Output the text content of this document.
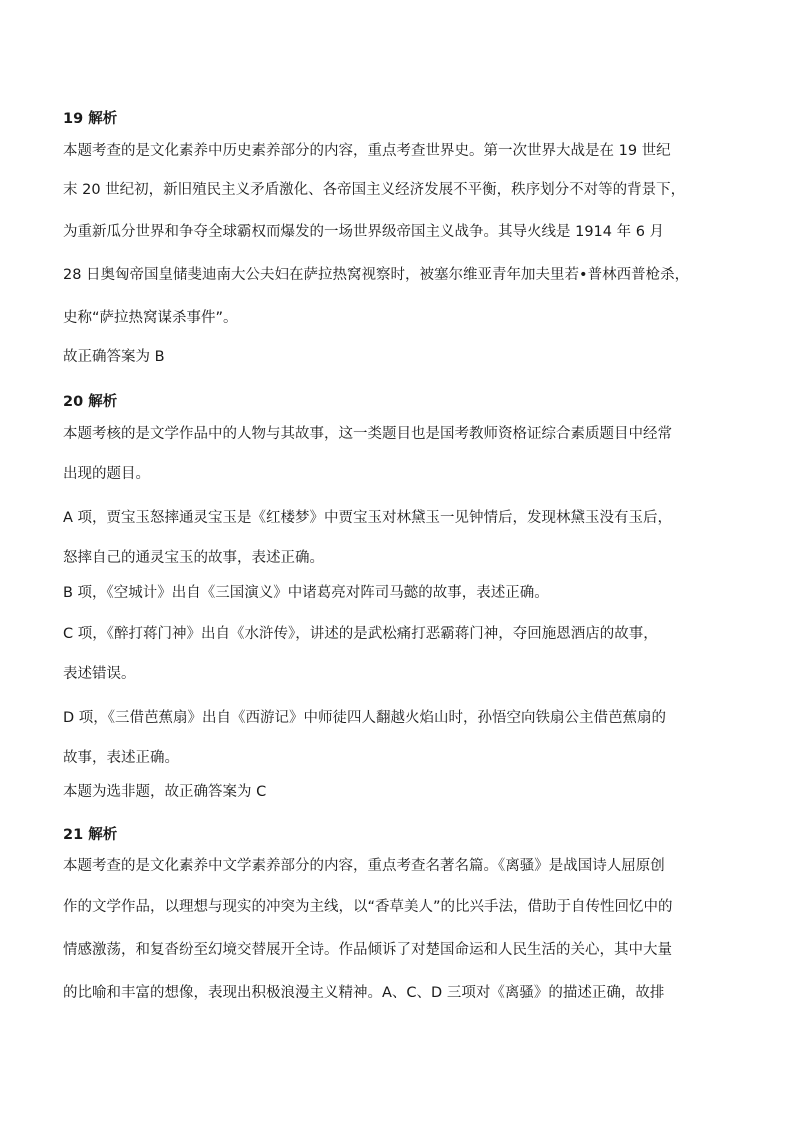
19 解析
本题考查的是文化素养中历史素养部分的内容，重点考查世界史。第一次世界大战是在 19 世纪
末 20 世纪初，新旧殖民主义矛盾激化、各帝国主义经济发展不平衡，秩序划分不对等的背景下，
为重新瓜分世界和争夺全球霸权而爆发的一场世界级帝国主义战争。其导火线是 1914 年 6 月
28 日奥匈帝国皇储斐迪南大公夫妇在萨拉热窝视察时，被塞尔维亚青年加夫里若•普林西普枪杀，
史称“萨拉热窝谋杀事件”。
故正确答案为 B
20 解析
本题考核的是文学作品中的人物与其故事，这一类题目也是国考教师资格证综合素质题目中经常
出现的题目。
A 项，贾宝玉怒摔通灵宝玉是《红楼梦》中贾宝玉对林黛玉一见钟情后，发现林黛玉没有玉后，
怒摔自己的通灵宝玉的故事，表述正确。
B 项，《空城计》出自《三国演义》中诸葛亮对阵司马懿的故事，表述正确。
C 项，《醉打蒋门神》出自《水浒传》，讲述的是武松痛打恶霸蒋门神，夺回施恩酒店的故事，
表述错误。
D 项，《三借芭蕉扇》出自《西游记》中师徒四人翻越火焰山时，孙悟空向铁扇公主借芭蕉扇的
故事，表述正确。
本题为选非题，故正确答案为 C
21 解析
本题考查的是文化素养中文学素养部分的内容，重点考查名著名篇。《离骚》是战国诗人屈原创
作的文学作品，以理想与现实的冲突为主线，以“香草美人”的比兴手法，借助于自传性回忆中的
情感激荡，和复沓纷至幻境交替展开全诗。作品倾诉了对楚国命运和人民生活的关心，其中大量
的比喻和丰富的想像，表现出积极浪漫主义精神。A、C、D 三项对《离骚》的描述正确，故排
